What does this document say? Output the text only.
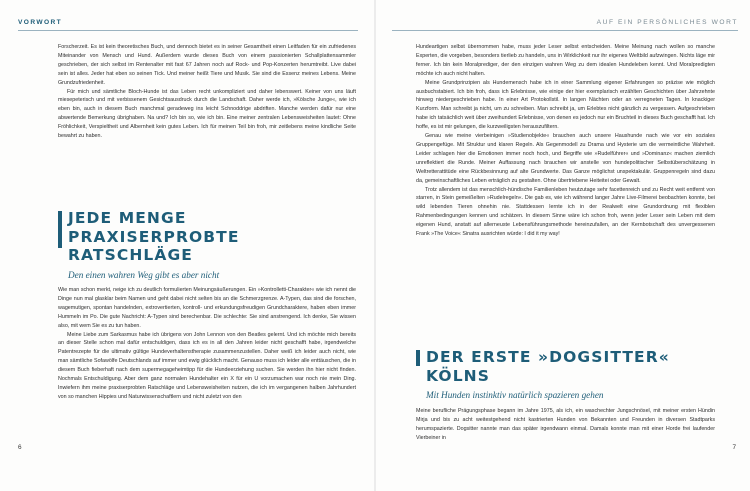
VORWORT

Forscherzeit. Es ist kein theoretisches Buch, und dennoch bietet es in seiner Gesamtheit einen Leitfaden für ein zufriedenes Miteinander von Mensch und Hund. Außerdem wurde dieses Buch von einem passionierten Schallplattensammler geschrieben, der sich selbst im Rentenalter mit fast 67 Jahren noch auf Rock- und Pop-Konzerten herumtreibt. Live dabei sein ist alles. Jeder hat eben so seinen Tick. Und meiner heißt Tiere und Musik. Sie sind die Essenz meines Lebens. Meine Grundzufriedenheit.

Für mich und sämtliche Bloch-Hunde ist das Leben recht unkompliziert und daher lebenswert. Keiner von uns läuft miesepeterisch und mit verbissenem Gesichtsausdruck durch die Landschaft. Daher werde ich, »Kölsche Junge«, wie ich eben bin, auch in diesem Buch manchmal geradeweg ins leicht Schnoddrige abdriften. Manche werden dafür nur eine abwertende Bemerkung übrighaben. Na und? Ich bin so, wie ich bin. Eine meiner zentralen Lebensweisheiten lautet: Ohne Fröhlichkeit, Verspieltheit und Albernheit kein gutes Leben. Ich für meinen Teil bin froh, mir zeitlebens meine kindliche Seite bewahrt zu haben.

JEDE MENGE PRAXISERPROBTE

RATSCHLÄGE

Den einen wahren Weg gibt es aber nicht

Wie man schon merkt, neige ich zu deutlich formulierten Meinungsäußerungen. Ein »Kontrolletti-Charakter« wie ich nennt die Dinge nun mal glasklar beim Namen und geht dabei nicht selten bis an die Schmerzgrenze. A-Typen, das sind die forschen, wagemutigen, spontan handelnden, extrovertierten, kontroll- und erkundungsfreudigen Grundcharaktere, haben eben immer Hummeln im Po. Die gute Nachricht: A-Typen sind berechenbar. Die schlechte: Sie sind anstrengend. Ich denke, Sie wissen also, mit wem Sie es zu tun haben.

Meine Liebe zum Sarkasmus habe ich übrigens von John Lennon von den Beatles gelernt. Und ich möchte mich bereits an dieser Stelle schon mal dafür entschuldigen, dass ich es in all den Jahren leider nicht geschafft habe, irgendwelche Patentrezepte für die ultimativ gültige Hundeverhaltenstherapie zusammenzustellen. Daher weiß ich leider auch nicht, wie man sämtliche Sofawölfe Deutschlands auf immer und ewig glücklich macht. Genauso muss ich leider alle enttäuschen, die in diesem Buch fieberhaft nach dem supermegageheimtipp für die Hundeerziehung suchen. Sie werden ihn hier nicht finden. Nochmals Entschuldigung. Aber dem ganz normalen Hundehalter ein X für ein U vorzumachen war noch nie mein Ding. Inwiefern ihm meine praxiserprobten Ratschläge und Lebensweisheiten nutzen, die ich im vergangenen halben Jahrhundert von so manchen Hippies und Naturwissenschaftlern und nicht zuletzt von den

6
AUF EIN PERSÖNLICHES WORT

Hundeartigen selbst übernommen habe, muss jeder Leser selbst entscheiden. Meine Meinung nach wollen so manche Experten, die vorgeben, besonders tierlieb zu handeln, uns in Wirklichkeit nur ihr eigenes Weltbild aufzwingen. Nichts läge mir ferner. Ich bin kein Moralprediger, der den einzigen wahren Weg zu dem idealen Hundeleben kennt. Und Moralpredigten möchte ich auch nicht halten.

Meine Grundprinzipien als Hundemensch habe ich in einer Sammlung eigener Erfahrungen so präzise wie möglich ausbuchstabiert. Ich bin froh, dass ich Erlebnisse, wie einige der hier exemplarisch erzählten Geschichten über Jahrzehnte hinweg niedergeschrieben habe. In einer Art Protokollstil. In langen Nächten oder an verregneten Tagen. In knackiger Kurzform. Man schreibt ja nicht, um zu schreiben. Man schreibt ja, um Erlebtes nicht gänzlich zu vergessen. Aufgeschrieben habe ich tatsächlich weit über zweihundert Erlebnisse, von denen es jedoch nur ein Bruchteil in dieses Buch geschafft hat. Ich hoffe, es ist mir gelungen, die kurzweiligsten herauszufiltern.

Genau wie meine vierbeinigen »Studienobjekte« brauchen auch unsere Haushunde nach wie vor ein soziales Gruppengefüge. Mit Struktur und klaren Regeln. Als Gegenmodell zu Drama und Hysterie um die vermeintliche Wahrheit. Leider schlagen hier die Emotionen immer noch hoch, und Begriffe wie »Rudelführer« und »Dominanz« machen ziemlich unreflektiert die Runde. Meiner Auffassung nach brauchen wir anstelle von hundepolitischer Selbstüberschätzung in Weltretterattitüde eine Rückbesinnung auf alte Grundwerte. Das Ganze möglichst unspektakulär. Gruppenregeln sind dazu da, gemeinschaftliches Leben erträglich zu gestalten. Ohne übertriebene Heiteitei oder Gewalt.

Trotz allendem ist das menschlich-hündische Familienleben heutzutage sehr facettenreich und zu Recht weit entfernt von starren, in Stein gemeißelten »Rudelregeln«. Die gab es, wie ich während langer Jahre Live-Filmerei beobachten konnte, bei wild lebenden Tieren ohnehin nie. Stattdessen lernte ich in der Realwelt eine Grundordnung mit flexiblen Rahmenbedingungen kennen und schätzen. In diesem Sinne wäre ich schon froh, wenn jeder Leser sein Leben mit dem eigenen Hund, anstatt auf allerneuste Lebensführungsmethode hereinzufallen, an der Kernbotschaft des unvergessenen Frank »The Voice« Sinatra ausrichten würde: I did it my way!

DER ERSTE »DOGSITTER« KÖLNS

Mit Hunden instinktiv natürlich spazieren gehen

Meine berufliche Prägungsphase begann im Jahre 1975, als ich, ein waschechter Jungschnösel, mit meiner ersten Hündin Mirja und bis zu acht weitestgehend nicht kastrierten Hunden von Bekannten und Freunden in diversen Stadtparks herumspazierte. Dogsitter nannte man das später irgendwann einmal. Damals konnte man mit einer Horde frei laufender Vierbeiner in

7
